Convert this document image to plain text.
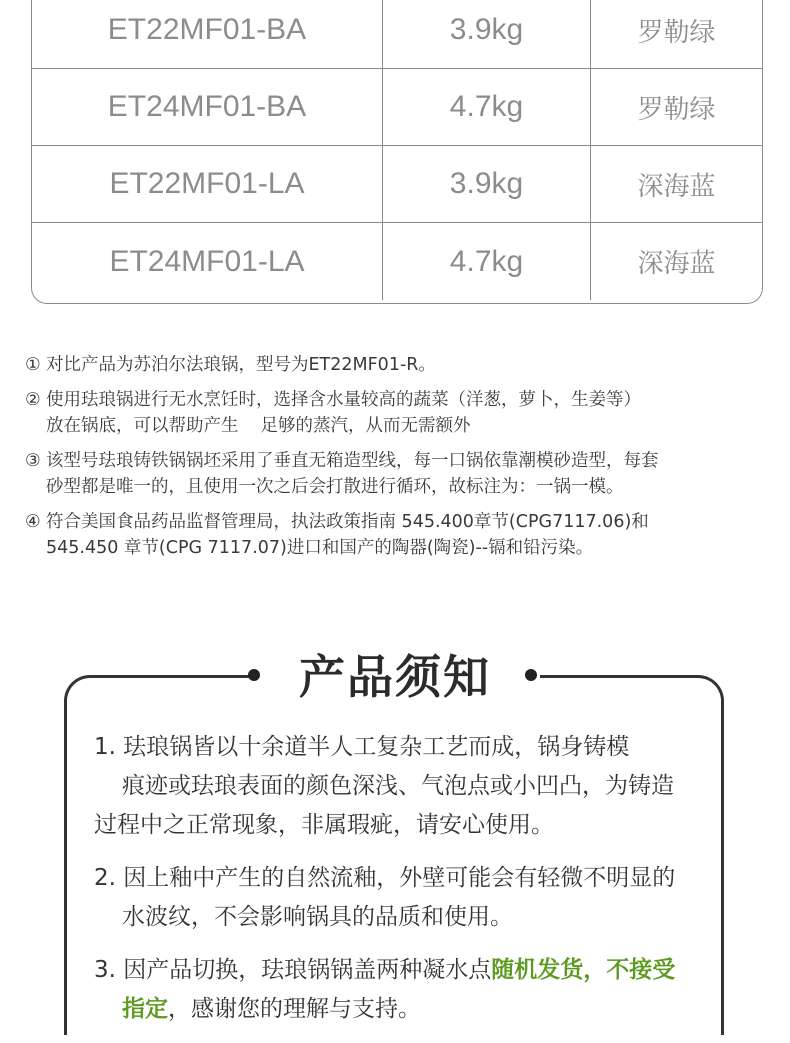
ET22MF01-BA	3.9kg	罗勒绿
ET24MF01-BA	4.7kg	罗勒绿
ET22MF01-LA	3.9kg	深海蓝
ET24MF01-LA	4.7kg	深海蓝
① 对比产品为苏泊尔法琅锅，型号为ET22MF01-R。
② 使用珐琅锅进行无水烹饪时，选择含水量较高的蔬菜（洋葱，萝卜，生姜等）
放在锅底，可以帮助产生 足够的蒸汽，从而无需额外
③ 该型号珐琅铸铁锅锅坯采用了垂直无箱造型线，每一口锅依靠潮模砂造型，每套
砂型都是唯一的，且使用一次之后会打散进行循环，故标注为：一锅一模。
④ 符合美国食品药品监督管理局，执法政策指南 545.400章节(CPG7117.06)和
545.450 章节(CPG 7117.07)进口和国产的陶器(陶瓷)--镉和铅污染。
产品须知
1. 珐琅锅皆以十余道半人工复杂工艺而成，锅身铸模
痕迹或珐琅表面的颜色深浅、气泡点或小凹凸，为铸造
过程中之正常现象，非属瑕疵，请安心使用。
2. 因上釉中产生的自然流釉，外壁可能会有轻微不明显的
水波纹，不会影响锅具的品质和使用。
3. 因产品切换，珐琅锅锅盖两种凝水点随机发货，不接受
指定，感谢您的理解与支持。
